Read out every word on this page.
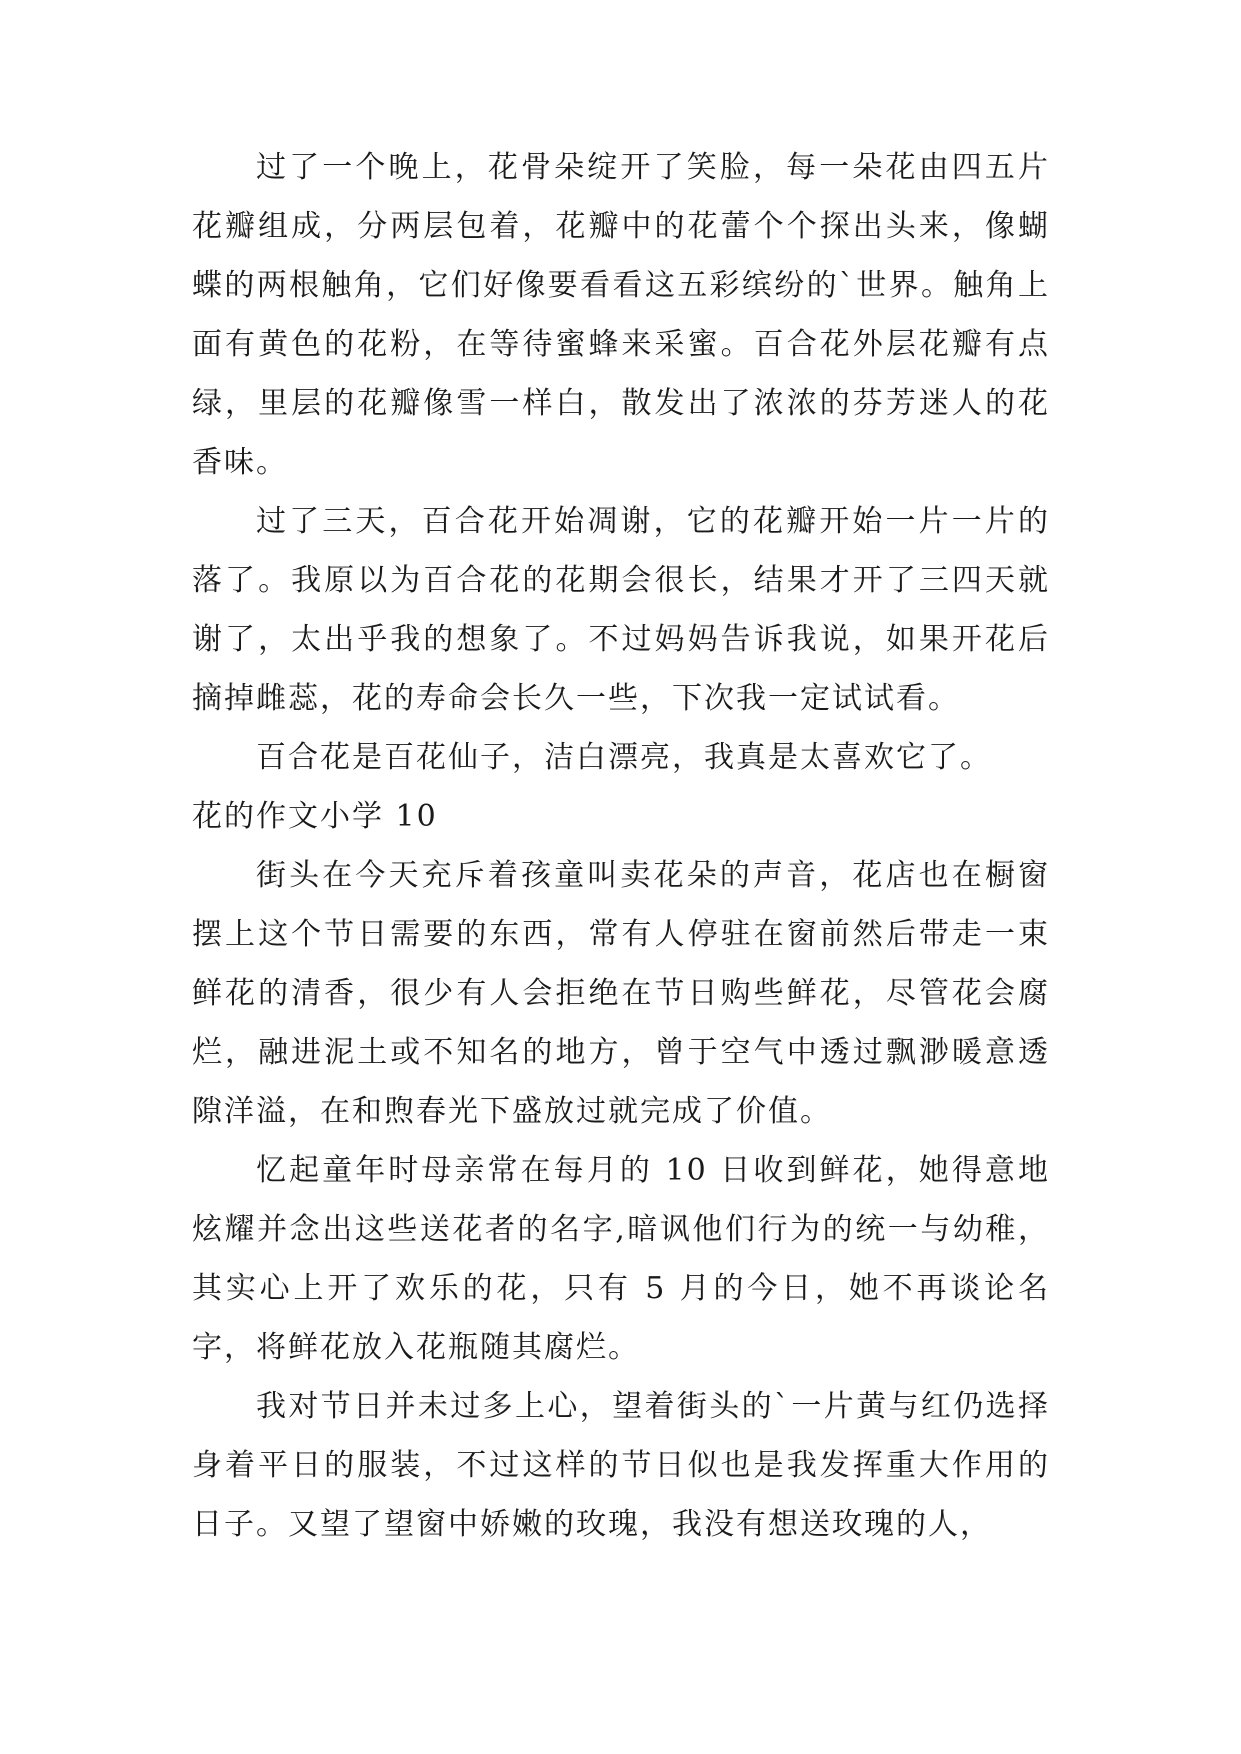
过了一个晚上，花骨朵绽开了笑脸，每一朵花由四五片花瓣组成，分两层包着，花瓣中的花蕾个个探出头来，像蝴蝶的两根触角，它们好像要看看这五彩缤纷的`世界。触角上面有黄色的花粉，在等待蜜蜂来采蜜。百合花外层花瓣有点绿，里层的花瓣像雪一样白，散发出了浓浓的芬芳迷人的花香味。

过了三天，百合花开始凋谢，它的花瓣开始一片一片的落了。我原以为百合花的花期会很长，结果才开了三四天就谢了，太出乎我的想象了。不过妈妈告诉我说，如果开花后摘掉雌蕊，花的寿命会长久一些，下次我一定试试看。

百合花是百花仙子，洁白漂亮，我真是太喜欢它了。

花的作文小学 10

街头在今天充斥着孩童叫卖花朵的声音，花店也在橱窗摆上这个节日需要的东西，常有人停驻在窗前然后带走一束鲜花的清香，很少有人会拒绝在节日购些鲜花，尽管花会腐烂，融进泥土或不知名的地方，曾于空气中透过飘渺暖意透隙洋溢，在和煦春光下盛放过就完成了价值。

忆起童年时母亲常在每月的 10 日收到鲜花，她得意地炫耀并念出这些送花者的名字,暗讽他们行为的统一与幼稚，其实心上开了欢乐的花，只有 5 月的今日，她不再谈论名字，将鲜花放入花瓶随其腐烂。

我对节日并未过多上心，望着街头的`一片黄与红仍选择身着平日的服装，不过这样的节日似也是我发挥重大作用的日子。又望了望窗中娇嫩的玫瑰，我没有想送玫瑰的人，
